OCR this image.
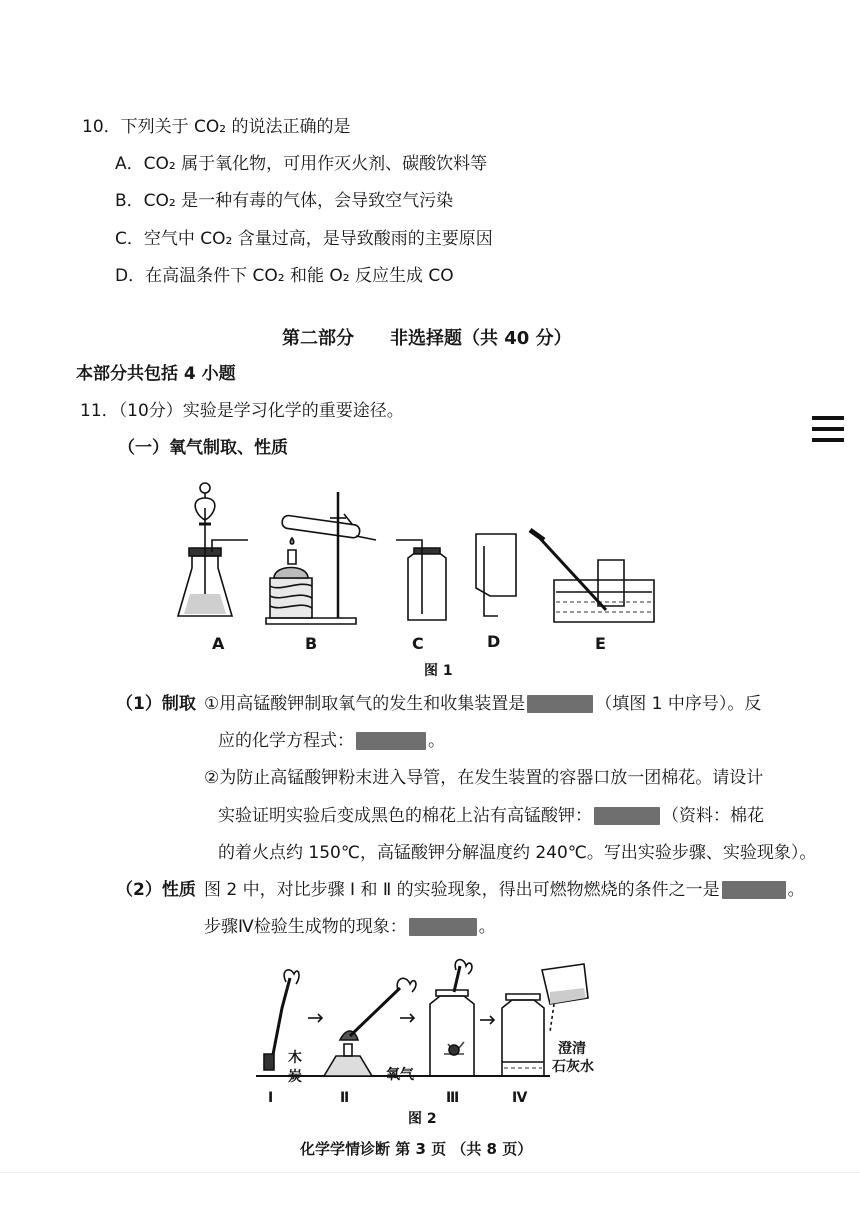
10．下列关于 CO₂ 的说法正确的是
A．CO₂ 属于氧化物，可用作灭火剂、碳酸饮料等
B．CO₂ 是一种有毒的气体，会导致空气污染
C．空气中 CO₂ 含量过高，是导致酸雨的主要原因
D．在高温条件下 CO₂ 和能 O₂ 反应生成 CO
第二部分　　非选择题（共 40 分）
本部分共包括 4 小题
11．（10分）实验是学习化学的重要途径。
（一）氧气制取、性质
A	B	C	D	E
图 1
（1）制取 ①用高锰酸钾制取氧气的发生和收集装置是	（填图 1 中序号）。反
应的化学方程式：	。
②为防止高锰酸钾粉末进入导管，在发生装置的容器口放一团棉花。请设计
实验证明实验后变成黑色的棉花上沾有高锰酸钾：	（资料：棉花
的着火点约 150℃，高锰酸钾分解温度约 240℃。写出实验步骤、实验现象）。
（2）性质 图 2 中，对比步骤 Ⅰ 和 Ⅱ 的实验现象，得出可燃物燃烧的条件之一是	。
步骤Ⅳ检验生成物的现象：	。
木
炭	氧气
澄清
石灰水
Ⅰ	Ⅱ	Ⅲ	Ⅳ
图 2
化学学情诊断 第 3 页 （共 8 页）
